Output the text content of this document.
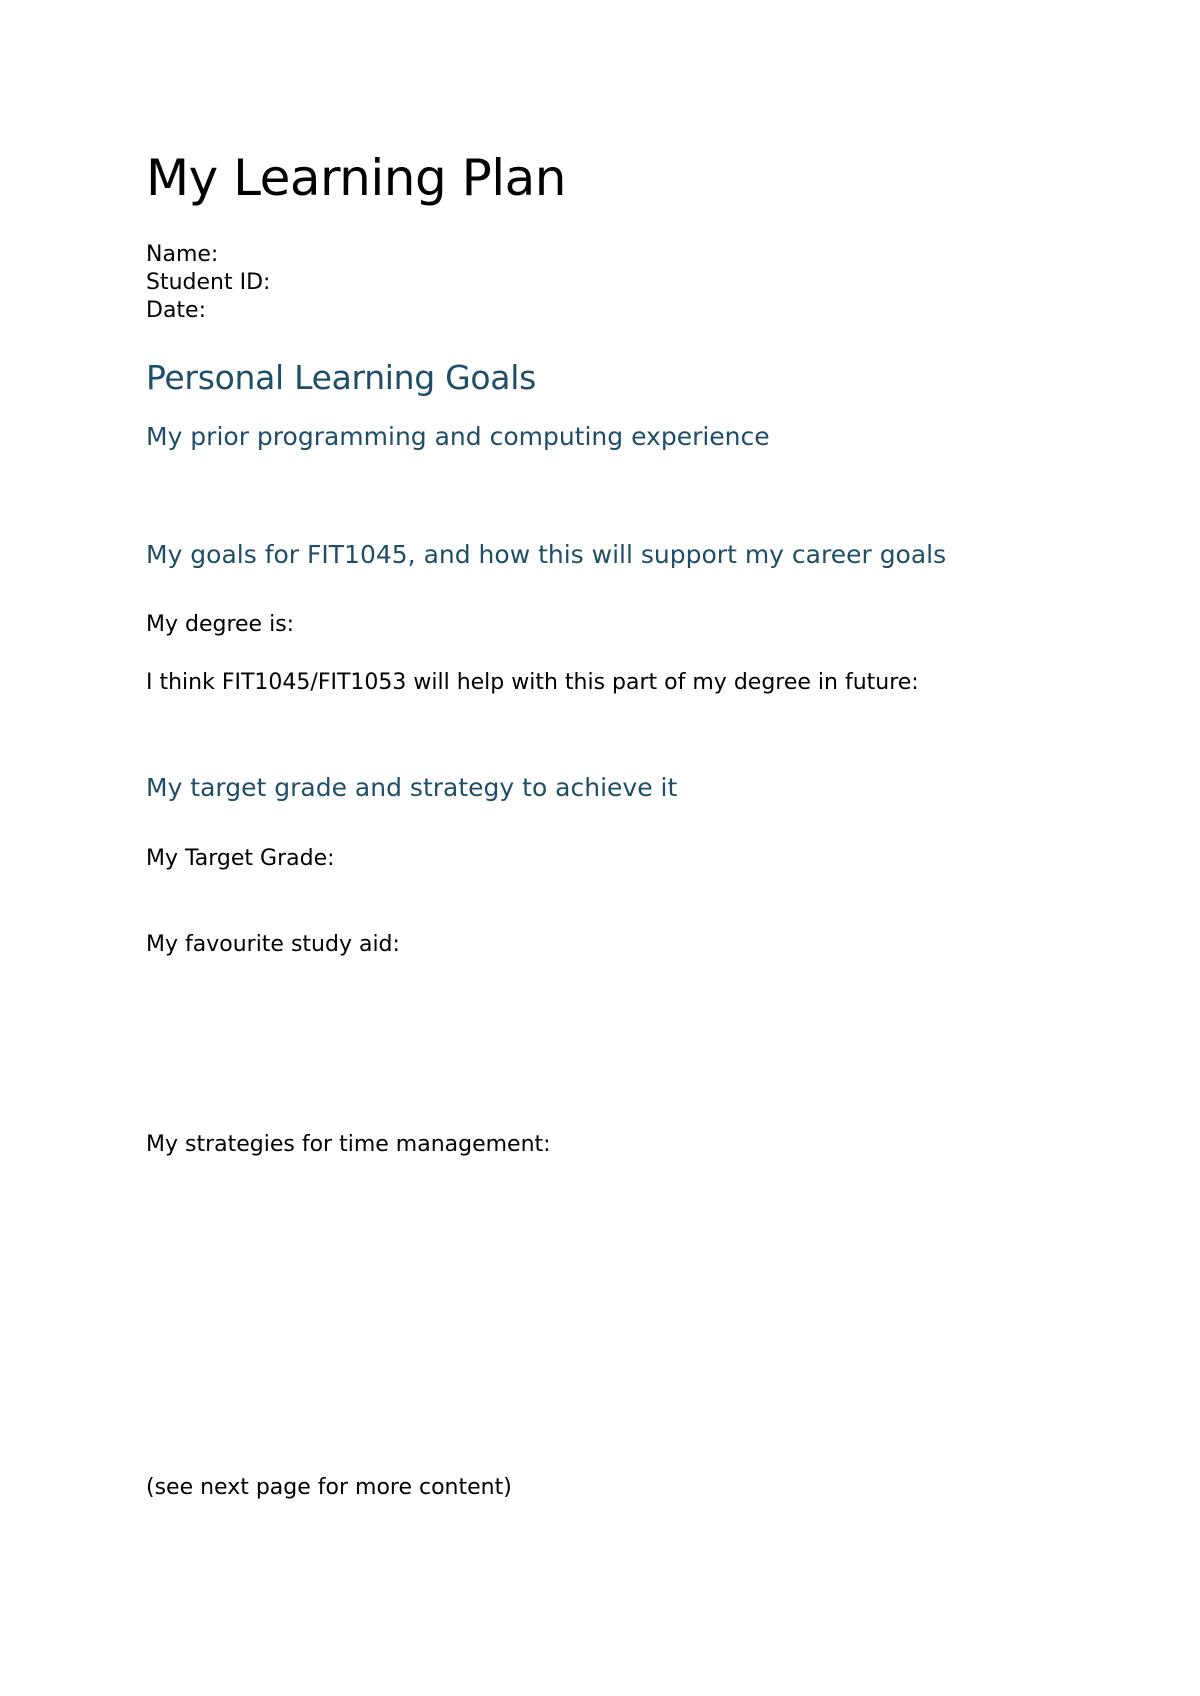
My Learning Plan
Name:
Student ID:
Date:
Personal Learning Goals
My prior programming and computing experience
My goals for FIT1045, and how this will support my career goals
My degree is:
I think FIT1045/FIT1053 will help with this part of my degree in future:
My target grade and strategy to achieve it
My Target Grade:
My favourite study aid:
My strategies for time management:
(see next page for more content)
